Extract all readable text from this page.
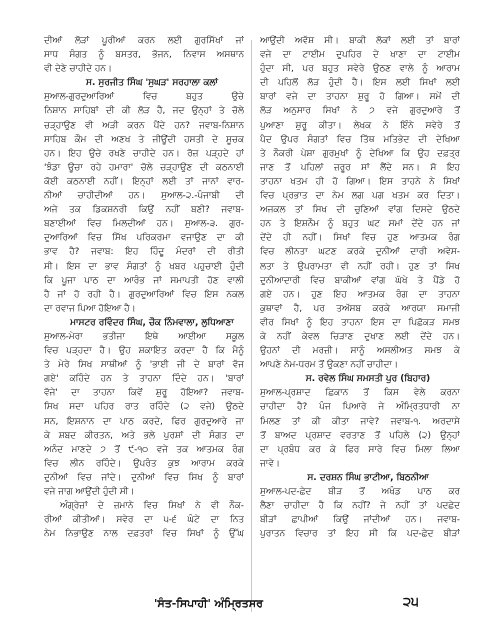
ਦੀਆਂ ਲੋੜਾਂ ਪੂਰੀਆਂ ਕਰਨ ਲਈ ਗੁਰਸਿੱਖਾਂ ਜਾਂ
ਸਾਧ ਸੰਗਤ ਨੂੰ ਬਸਤਰ, ਭੋਜਨ, ਨਿਵਾਸ ਅਸਥਾਨ
ਵੀ ਦੇਣੇ ਚਾਹੀਦੇ ਹਨ।
ਸ. ਸੁਰਜੀਤ ਸਿੰਘ 'ਸੁਘੜ' ਸਰਹਾਲਾ ਕਲਾਂ
ਸੁਆਲ-ਗੁਰਦੁਆਰਿਆਂ ਵਿਚ ਬਹੁਤ ਉਚੇ
ਨਿਸ਼ਾਨ ਸਾਹਿਬਾਂ ਦੀ ਕੀ ਲੋੜ ਹੈ, ਜਦ ਉਨ੍ਹਾਂ ਤੇ ਚੋਲੇ
ਚੜ੍ਹਾਉਣ ਵੀ ਅੜੀ ਕਰਨ ਪੈਂਦੇ ਹਨ? ਜਵਾਬ-ਨਿਸ਼ਾਨ
ਸਾਹਿਬ ਕੌਮ ਦੀ ਅਣਖ ਤੇ ਜੀਊਂਦੀ ਹਸਤੀ ਦੇ ਸੂਚਕ
ਹਨ। ਇਹ ਉਚੇ ਰਖਣੇ ਚਾਹੀਦੇ ਹਨ। ਰੋਜ਼ ਪੜ੍ਹਦੇ ਹਾਂ
'ਝੰਡਾ ਊਚਾ ਰਹੇ ਹਮਾਰਾ' ਚੋਲੇ ਚੜ੍ਹਾਉਣ ਦੀ ਕਠਨਾਈ
ਕੋਈ ਕਠਨਾਈ ਨਹੀਂ। ਇਨ੍ਹਾਂ ਲਈ ਤਾਂ ਜਾਨਾਂ ਵਾਰ-
ਨੀਆਂ ਚਾਹੀਦੀਆਂ ਹਨ। ਸੁਆਲ-੨.-ਪੰਜਾਬੀ ਦੀ
ਅਜੇ ਤਕ ਡਿਕਸ਼ਨਰੀ ਕਿਉਂ ਨਹੀਂ ਬਣੀ? ਜਵਾਬ-
ਬਣਾਈਆਂ ਵਿਚ ਮਿਲਦੀਆਂ ਹਨ। ਸੁਆਲ-੩. ਗੁਰ-
ਦੁਆਰਿਆਂ ਵਿਚ ਸਿੱਖ ਪਰਿਕਰਮਾ ਵਜਾਉਣ ਦਾ ਕੀ
ਭਾਵ ਹੈ? ਜਵਾਬ: ਇਹ ਹਿੰਦੂ ਮੰਦਰਾਂ ਦੀ ਰੀਤੀ
ਸੀ। ਇਸ ਦਾ ਭਾਵ ਸੰਗਤਾਂ ਨੂੰ ਖਬਰ ਪਹੁਚਾਈ ਹੁੰਦੀ
ਕਿ ਪੂਜਾ ਪਾਠ ਦਾ ਆਰੰਭ ਜਾਂ ਸਮਾਪਤੀ ਹੋਣ ਵਾਲੀ
ਹੈ ਜਾਂ ਹੋ ਰਹੀ ਹੈ। ਗੁਰਦੁਆਰਿਆਂ ਵਿਚ ਇਸ ਨਕਲ
ਦਾ ਰਵਾਜ ਪਿਆ ਹੋਇਆ ਹੈ।
ਮਾਸਟਰ ਰਵਿੰਦਰ ਸਿੰਘ, ਚੌਕ ਨਿੰਮਵਾਲਾ, ਲੁਧਿਆਣਾ
ਸੁਆਲ-ਮੇਰਾ ਭਤੀਜਾ ਇਥੇ ਆਈਆ ਸਕੂਲ
ਵਿਚ ਪੜ੍ਹਦਾ ਹੈ। ਉਹ ਸ਼ਕਾਇਤ ਕਰਦਾ ਹੈ ਕਿ ਮੈਨੂੰ
ਤੇ ਮੇਰੇ ਸਿਖ ਸਾਥੀਆਂ ਨੂੰ 'ਭਾਈ ਜੀ ਦੇ ਬਾਰਾਂ ਵੱਜ
ਗਏ' ਕਹਿੰਦੇ ਹਨ ਤੇ ਤਾਹਨਾ ਦਿੰਦੇ ਹਨ। 'ਬਾਰਾਂ
ਵੱਜੇ' ਦਾ ਤਾਹਨਾ ਕਿਵੇਂ ਸ਼ੁਰੂ ਹੋਇਆ? ਜਵਾਬ-
ਸਿਖ ਸਦਾ ਪਹਿਰ ਰਾਤ ਰਹਿੰਦੇ (੨ ਵਜੇ) ਉਠਦੇ
ਸਨ, ਇਸ਼ਨਾਨ ਦਾ ਪਾਠ ਕਰਦੇ, ਫਿਰ ਗੁਰਦੁਆਰੇ ਜਾ
ਕੇ ਸ਼ਬਦ ਕੀਰਤਨ, ਅਤੇ ਭਲੇ ਪੁਰਸ਼ਾਂ ਦੀ ਸੰਗਤ ਦਾ
ਅਨੰਦ ਮਾਣਦੇ ੭ ਤੋਂ ੯-੧੦ ਵਜੇ ਤਕ ਆਤਮਕ ਰੰਗ
ਵਿਚ ਲੀਨ ਰਹਿੰਦੇ। ਉਪਰੰਤ ਕੁਝ ਆਰਾਮ ਕਰਕੇ
ਦੁਨੀਆਂ ਵਿਚ ਜਾਂਦੇ। ਦੁਨੀਆਂ ਵਿਚ ਸਿਖ ਨੂੰ ਬਾਰਾਂ
ਵਜੇ ਜਾਗ ਆਉਂਦੀ ਹੁੰਦੀ ਸੀ।
ਅੰਗ੍ਰੇਜ਼ਾਂ ਦੇ ਜ਼ਮਾਨੇ ਵਿਚ ਸਿਖਾਂ ਨੇ ਵੀ ਨੌਕ-
ਰੀਆਂ ਕੀਤੀਆਂ। ਸਵੇਰ ਦਾ ੫-੬ ਘੰਟੇ ਦਾ ਨਿਤ
ਨੇਮ ਨਿਭਾਉਣ ਨਾਲ ਦਫ਼ਤਰਾਂ ਵਿਚ ਸਿਖਾਂ ਨੂੰ ਉੱਘ
ਆਉਂਦੀ ਅਵੱਸ਼ ਸੀ। ਬਾਕੀ ਲੋਕਾਂ ਲਈ ਤਾਂ ਬਾਰਾਂ
ਵਜੇ ਦਾ ਟਾਈਮ ਦੁਪਹਿਰ ਦੇ ਖਾਣਾ ਦਾ ਟਾਈਮ
ਹੁੰਦਾ ਸੀ, ਪਰ ਬਹੁਤ ਸਵੇਰੇ ਉਠਣ ਵਾਲੇ ਨੂੰ ਆਰਾਮ
ਦੀ ਪਹਿਲੋਂ ਲੋੜ ਹੁੰਦੀ ਹੈ। ਇਸ ਲਈ ਸਿਖਾਂ ਲਈ
ਬਾਰਾਂ ਵਜੇ ਦਾ ਤਾਹਨਾ ਸ਼ੁਰੂ ਹੋ ਗਿਆ। ਸਮੇਂ ਦੀ
ਲੋੜ ਅਨੁਸਾਰ ਸਿਖਾਂ ਨੇ ੭ ਵਜੇ ਗੁਰਦੁਆਰੇ ਤੋਂ
ਪੁਆਣਾ ਸ਼ੁਰੂ ਕੀਤਾ। ਲੇਖਕ ਨੇ ਇੰਨੇ ਸਵੇਰੇ ਤੋਂ
ਪੈਦ ਉਪਰ ਸੰਗਤਾਂ ਵਿਚ ਤਿੱਥ ਮਤਿਭੇਦ ਦੀ ਦੇਖਿਆ
ਤੇ ਨੌਕਰੀ ਪੇਸ਼ਾ ਗੁਰਮੁਖਾਂ ਨੂੰ ਦੇਖਿਆ ਕਿ ਉਹ ਦਫ਼ਤ੍ਰ
ਜਾਣ ਤੋਂ ਪਹਿਲਾਂ ਜ਼ਰੂਰ ਸਾਂ ਲੈਂਦੇ ਸਨ। ਸੋ ਇਹ
ਤਾਹਨਾ ਖਤਮ ਹੀ ਹੋ ਗਿਆ। ਇਸ ਤਾਹਨੇ ਨੇ ਸਿਖਾਂ
ਵਿਚ ਪ੍ਰਭਾਤ ਦਾ ਨੇਮ ਲਗ ਪਗ ਖਤਮ ਕਰ ਦਿਤਾ।
ਅਜਕਲ ਤਾਂ ਸਿਖ ਦੀ ਚੁਣਿਆਂ ਵਾਂਗ ਦਿਸਦੇ ਉਠਦੇ
ਹਨ ਤੇ ਇਸ਼ਨੌਮ ਨੂੰ ਬਹੁਤ ਘਟ ਸਮਾਂ ਦੇਂਦੇ ਹਨ ਜਾਂ
ਦੇਂਦੇ ਹੀ ਨਹੀਂ। ਸਿਖਾਂ ਵਿਚ ਹੁਣ ਆਤਮਕ ਰੰਗ
ਵਿਚ ਲੀਨਤਾ ਘਟਣ ਕਰਕੇ ਦੁਨੀਆਂ ਦਾਰੀ ਅਵੇਸ-
ਲਤਾ ਤੇ ਉਪਰਾਮਤਾ ਵੀ ਨਹੀਂ ਰਹੀ। ਹੁਣ ਤਾਂ ਸਿਖ
ਦੁਨੀਆਦਾਰੀ ਵਿਚ ਬਾਕੀਆਂ ਵਾਂਗ ਘੱਖੇ ਤੇ ਪੈਂਡੇ ਹੋ
ਗਏ ਹਨ। ਹੁਣ ਇਹ ਆਤਮਕ ਰੰਗ ਦਾ ਤਾਹਨਾ
ਕੁਥਾਵਾਂ ਹੈ, ਪਰ ਤਅੱਸਬ ਕਰਕੇ ਆਰਯਾ ਸਮਾਜੀ
ਵੀਰ ਸਿਖਾਂ ਨੂੰ ਇਹ ਤਾਹਨਾ ਇਸ ਦਾ ਪਿਛੋਕੜ ਸਮਝ
ਕੇ ਨਹੀਂ ਕੇਵਲ ਚਿੜਾਣ ਦੁਖਾਣ ਲਈ ਦੇਂਦੇ ਹਨ।
ਉਹਨਾਂ ਦੀ ਮਰਜ਼ੀ। ਸਾਨੂੰ ਅਸਲੀਅਤ ਸਮਝ ਕੇ
ਆਪਣੇ ਨੇਮ-ਧਰਮ ਤੋਂ ਉਕਣਾ ਨਹੀਂ ਚਾਹੀਦਾ।
ਸ. ਰਵੇਲ ਸਿੰਘ ਸਮਸਤੀ ਪੁਰ (ਬਿਹਾਰ)
ਸੁਆਲ-ਪ੍ਰਸ਼ਾਦ ਛਿਕਾਨ ਤੋਂ ਕਿਸ ਵੇਲੇ ਕਰਨਾ
ਚਾਹੀਦਾ ਹੈ? ਪੰਜ ਪਿਆਰੇ ਜੇ ਅੰਮ੍ਰਿਤਧਾਰੀ ਨਾ
ਮਿਲਣ ਤਾਂ ਕੀ ਕੀਤਾ ਜਾਵੇ? ਜਵਾਬ-੧. ਅਰਦਾਸੇ
ਤੋਂ ਬਾਅਦ ਪ੍ਰਸ਼ਾਦ ਵਰਤਾਣ ਤੋਂ ਪਹਿਲੇ (੨) ਉਨ੍ਹਾਂ
ਦਾ ਪ੍ਰਬੰਧ ਕਰ ਕੇ ਫਿਰ ਸਾਰੇ ਵਿਚ ਮਿਲਾ ਲਿਆ
ਜਾਵੇ।
ਸ. ਦਰਸ਼ਨ ਸਿੰਘ ਭਾਟੀਆ, ਬਿਠਨੀਆ
ਸੁਆਲ-ਪਦ-ਛੇਦ ਬੀੜ ਤੋਂ ਅਖੰਡ ਪਾਠ ਕਰ
ਲੈਣਾ ਚਾਹੀਦਾ ਹੈ ਕਿ ਨਹੀਂ? ਜੇ ਨਹੀਂ ਤਾਂ ਪਦਛੇਦ
ਬੀੜਾਂ ਛਾਪੀਆਂ ਕਿਉਂ ਜਾਂਦੀਆਂ ਹਨ। ਜਵਾਬ-
ਪੁਰਾਤਨ ਵਿਚਾਰ ਤਾਂ ਇਹ ਸੀ ਕਿ ਪਦ-ਛੇਦ ਬੀੜਾਂ
'ਸੰਤ-ਸਿਪਾਹੀ' ਅੰਮ੍ਰਿਤਸਰ	੨੫
